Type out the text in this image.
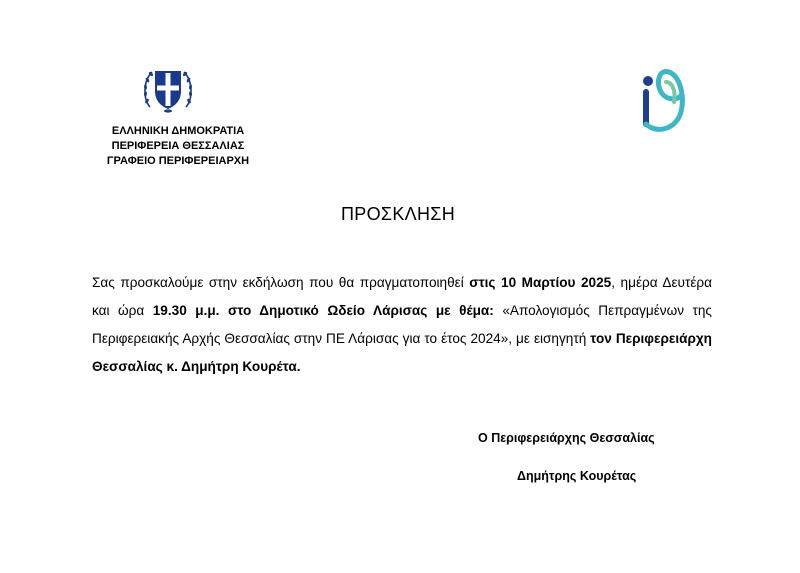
ΕΛΛΗΝΙΚΗ ΔΗΜΟΚΡΑΤΙΑ
ΠΕΡΙΦΕΡΕΙΑ ΘΕΣΣΑΛΙΑΣ
ΓΡΑΦΕΙΟ ΠΕΡΙΦΕΡΕΙΑΡΧΗ
ΠΡΟΣΚΛΗΣΗ
Σας προσκαλούμε στην εκδήλωση που θα πραγματοποιηθεί στις 10 Μαρτίου 2025, ημέρα Δευτέρα και ώρα 19.30 μ.μ. στο Δημοτικό Ωδείο Λάρισας με θέμα: «Απολογισμός Πεπραγμένων της Περιφερειακής Αρχής Θεσσαλίας στην ΠΕ Λάρισας για το έτος 2024», με εισηγητή τον Περιφερειάρχη Θεσσαλίας κ. Δημήτρη Κουρέτα.
Ο Περιφερειάρχης Θεσσαλίας
Δημήτρης Κουρέτας
